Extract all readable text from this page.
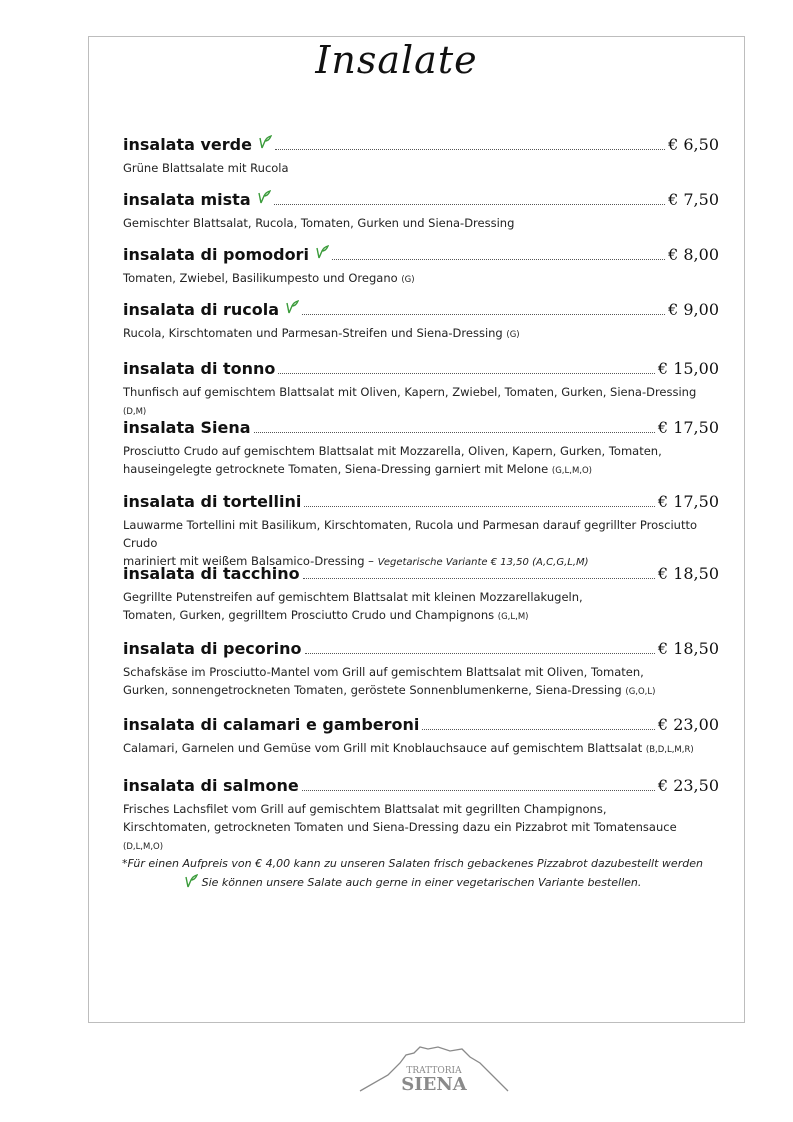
Insalate
insalata verde	€ 6,50
Grüne Blattsalate mit Rucola
insalata mista	€ 7,50
Gemischter Blattsalat, Rucola, Tomaten, Gurken und Siena-Dressing
insalata di pomodori	€ 8,00
Tomaten, Zwiebel, Basilikumpesto und Oregano (G)
insalata di rucola	€ 9,00
Rucola, Kirschtomaten und Parmesan-Streifen und Siena-Dressing (G)
insalata di tonno	€ 15,00
Thunfisch auf gemischtem Blattsalat mit Oliven, Kapern, Zwiebel, Tomaten, Gurken, Siena-Dressing (D,M)
insalata Siena	€ 17,50
Prosciutto Crudo auf gemischtem Blattsalat mit Mozzarella, Oliven, Kapern, Gurken, Tomaten,
hauseingelegte getrocknete Tomaten, Siena-Dressing garniert mit Melone (G,L,M,O)
insalata di tortellini	€ 17,50
Lauwarme Tortellini mit Basilikum, Kirschtomaten, Rucola und Parmesan darauf gegrillter Prosciutto Crudo
mariniert mit weißem Balsamico-Dressing – Vegetarische Variante € 13,50 (A,C,G,L,M)
insalata di tacchino	€ 18,50
Gegrillte Putenstreifen auf gemischtem Blattsalat mit kleinen Mozzarellakugeln,
Tomaten, Gurken, gegrilltem Prosciutto Crudo und Champignons (G,L,M)
insalata di pecorino	€ 18,50
Schafskäse im Prosciutto-Mantel vom Grill auf gemischtem Blattsalat mit Oliven, Tomaten,
Gurken, sonnengetrockneten Tomaten, geröstete Sonnenblumenkerne, Siena-Dressing (G,O,L)
insalata di calamari e gamberoni	€ 23,00
Calamari, Garnelen und Gemüse vom Grill mit Knoblauchsauce auf gemischtem Blattsalat (B,D,L,M,R)
insalata di salmone	€ 23,50
Frisches Lachsfilet vom Grill auf gemischtem Blattsalat mit gegrillten Champignons,
Kirschtomaten, getrockneten Tomaten und Siena-Dressing dazu ein Pizzabrot mit Tomatensauce (D,L,M,O)
*Für einen Aufpreis von € 4,00 kann zu unseren Salaten frisch gebackenes Pizzabrot dazubestellt werden
Sie können unsere Salate auch gerne in einer vegetarischen Variante bestellen.
TRATTORIA
SIENA
